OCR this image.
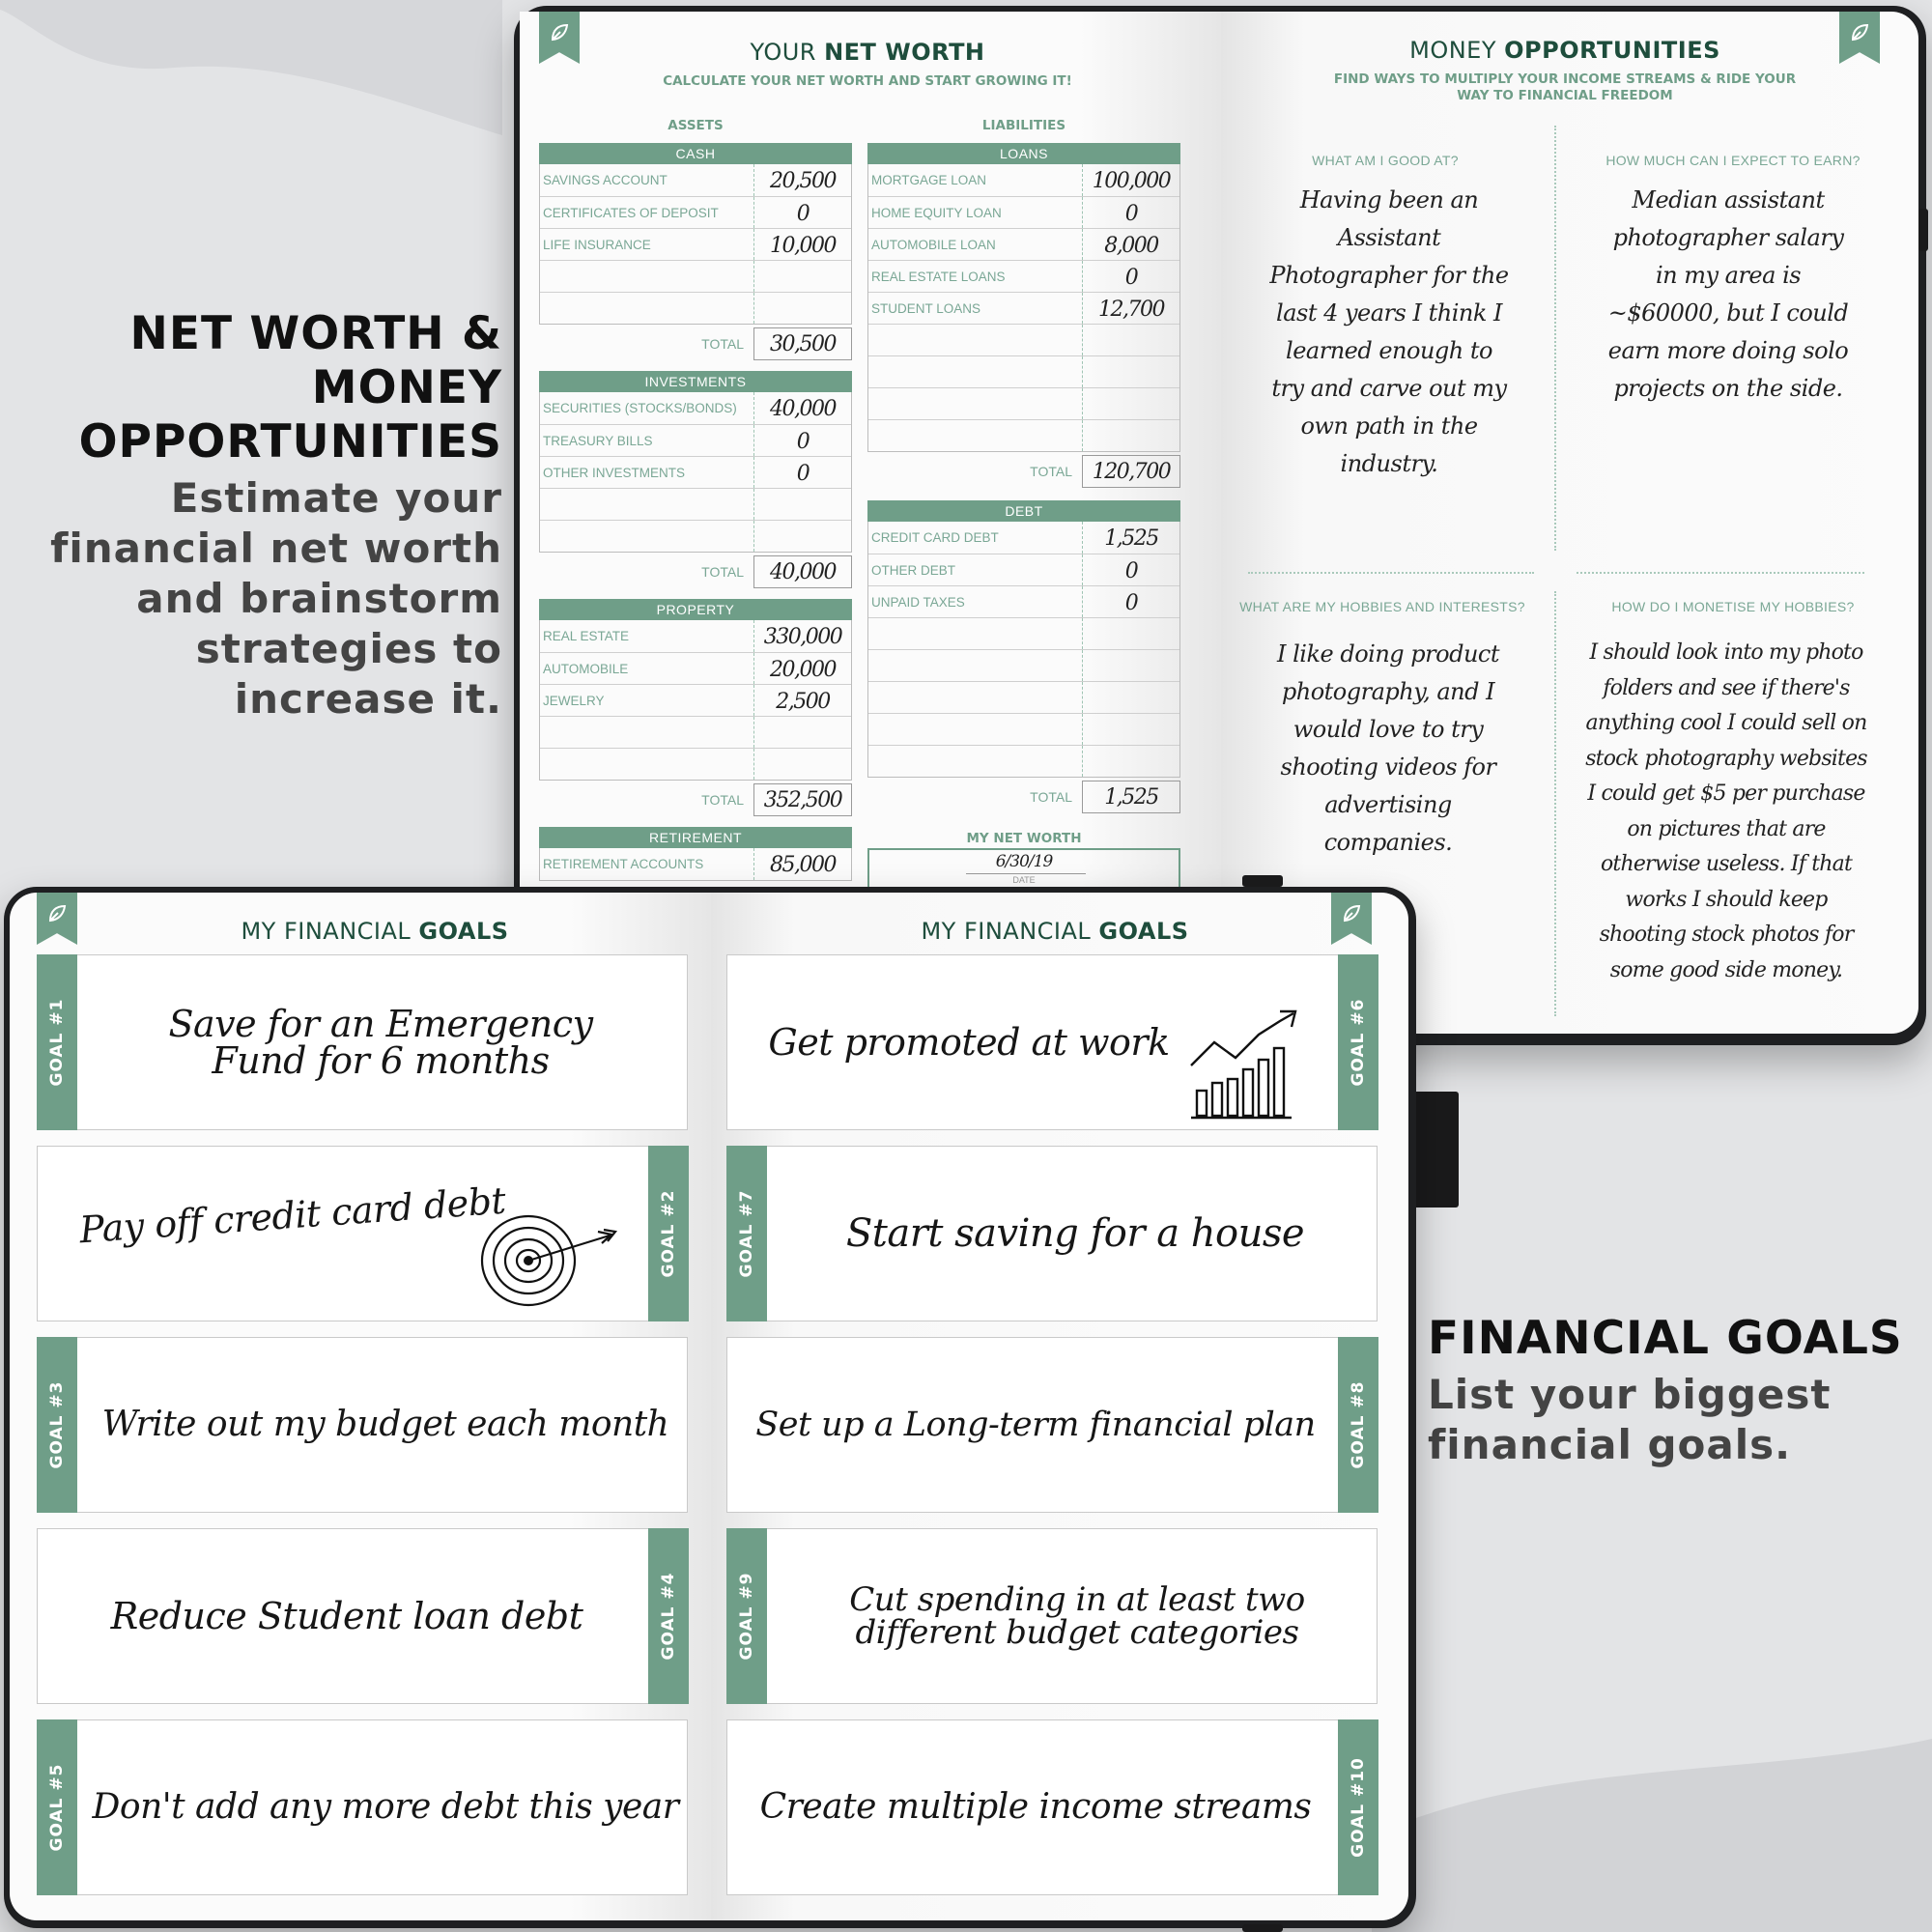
NET WORTH &
MONEY
OPPORTUNITIES
Estimate your financial net worth and brainstorm strategies to increase it.
FINANCIAL GOALS
List your biggest financial goals.
YOUR NET WORTH
CALCULATE YOUR NET WORTH AND START GROWING IT!
ASSETS	LIABILITIES
CASH
SAVINGS ACCOUNT	20,500
CERTIFICATES OF DEPOSIT	0
LIFE INSURANCE	10,000
TOTAL	30,500
INVESTMENTS
SECURITIES (STOCKS/BONDS)	40,000
TREASURY BILLS	0
OTHER INVESTMENTS	0
TOTAL	40,000
PROPERTY
REAL ESTATE	330,000
AUTOMOBILE	20,000
JEWELRY	2,500
TOTAL 352,500
RETIREMENT
RETIREMENT ACCOUNTS	85,000
LOANS
MORTGAGE LOAN	100,000
HOME EQUITY LOAN	0
AUTOMOBILE LOAN	8,000
REAL ESTATE LOANS	0
STUDENT LOANS	12,700
TOTAL 120,700
DEBT
CREDIT CARD DEBT	1,525
OTHER DEBT	0
UNPAID TAXES	0
TOTAL	1,525
MY NET WORTH
6/30/19
DATE
MONEY OPPORTUNITIES
FIND WAYS TO MULTIPLY YOUR INCOME STREAMS & RIDE YOUR
WAY TO FINANCIAL FREEDOM
WHAT AM I GOOD AT?
Having been an Assistant Photographer for the last 4 years I think I learned enough to try and carve out my own path in the industry.
HOW MUCH CAN I EXPECT TO EARN?
Median assistant photographer salary in my area is ~$60000, but I could earn more doing solo projects on the side.
WHAT ARE MY HOBBIES AND INTERESTS?
I like doing product photography, and I would love to try shooting videos for advertising companies.
HOW DO I MONETISE MY HOBBIES?
I should look into my photo folders and see if there's anything cool I could sell on stock photography websites I could get $5 per purchase on pictures that are otherwise useless. If that works I should keep shooting stock photos for some good side money.
MY FINANCIAL GOALS	MY FINANCIAL GOALS
GOAL #1	Save for an Emergency Fund for 6 months
GOAL #2
Pay off credit card debt
GOAL #3	Write out my budget each month
GOAL #4
Reduce Student loan debt
GOAL #5 Don't add any more debt this year
GOAL #6
Get promoted at work
GOAL #7	Start saving for a house
GOAL #8
Set up a Long-term financial plan
GOAL #9	Cut spending in at least two different budget categories
GOAL #10
Create multiple income streams
